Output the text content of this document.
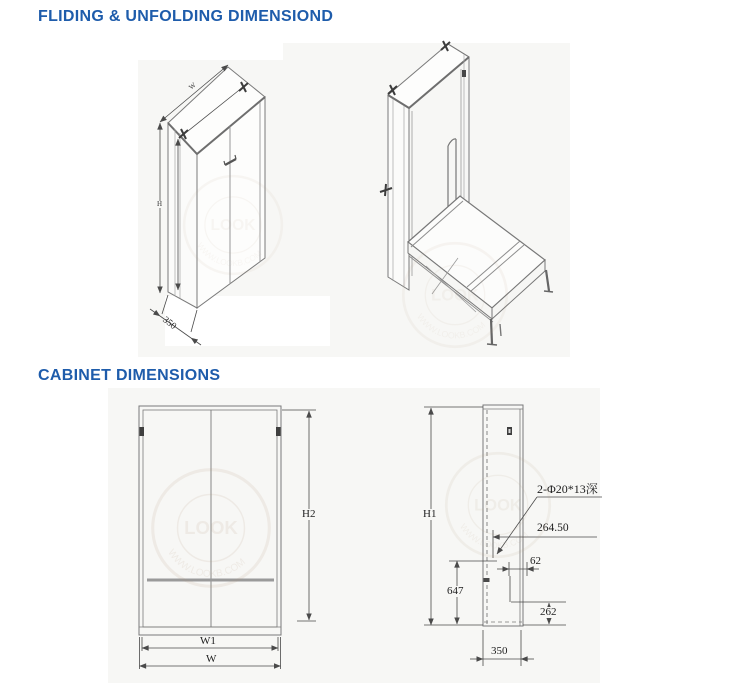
FLIDING & UNFOLDING DIMENSIOND
CABINET DIMENSIONS
W
H
350
H2
W1
W
H1
2-Φ20*13深
264.50
62
647
262
350
